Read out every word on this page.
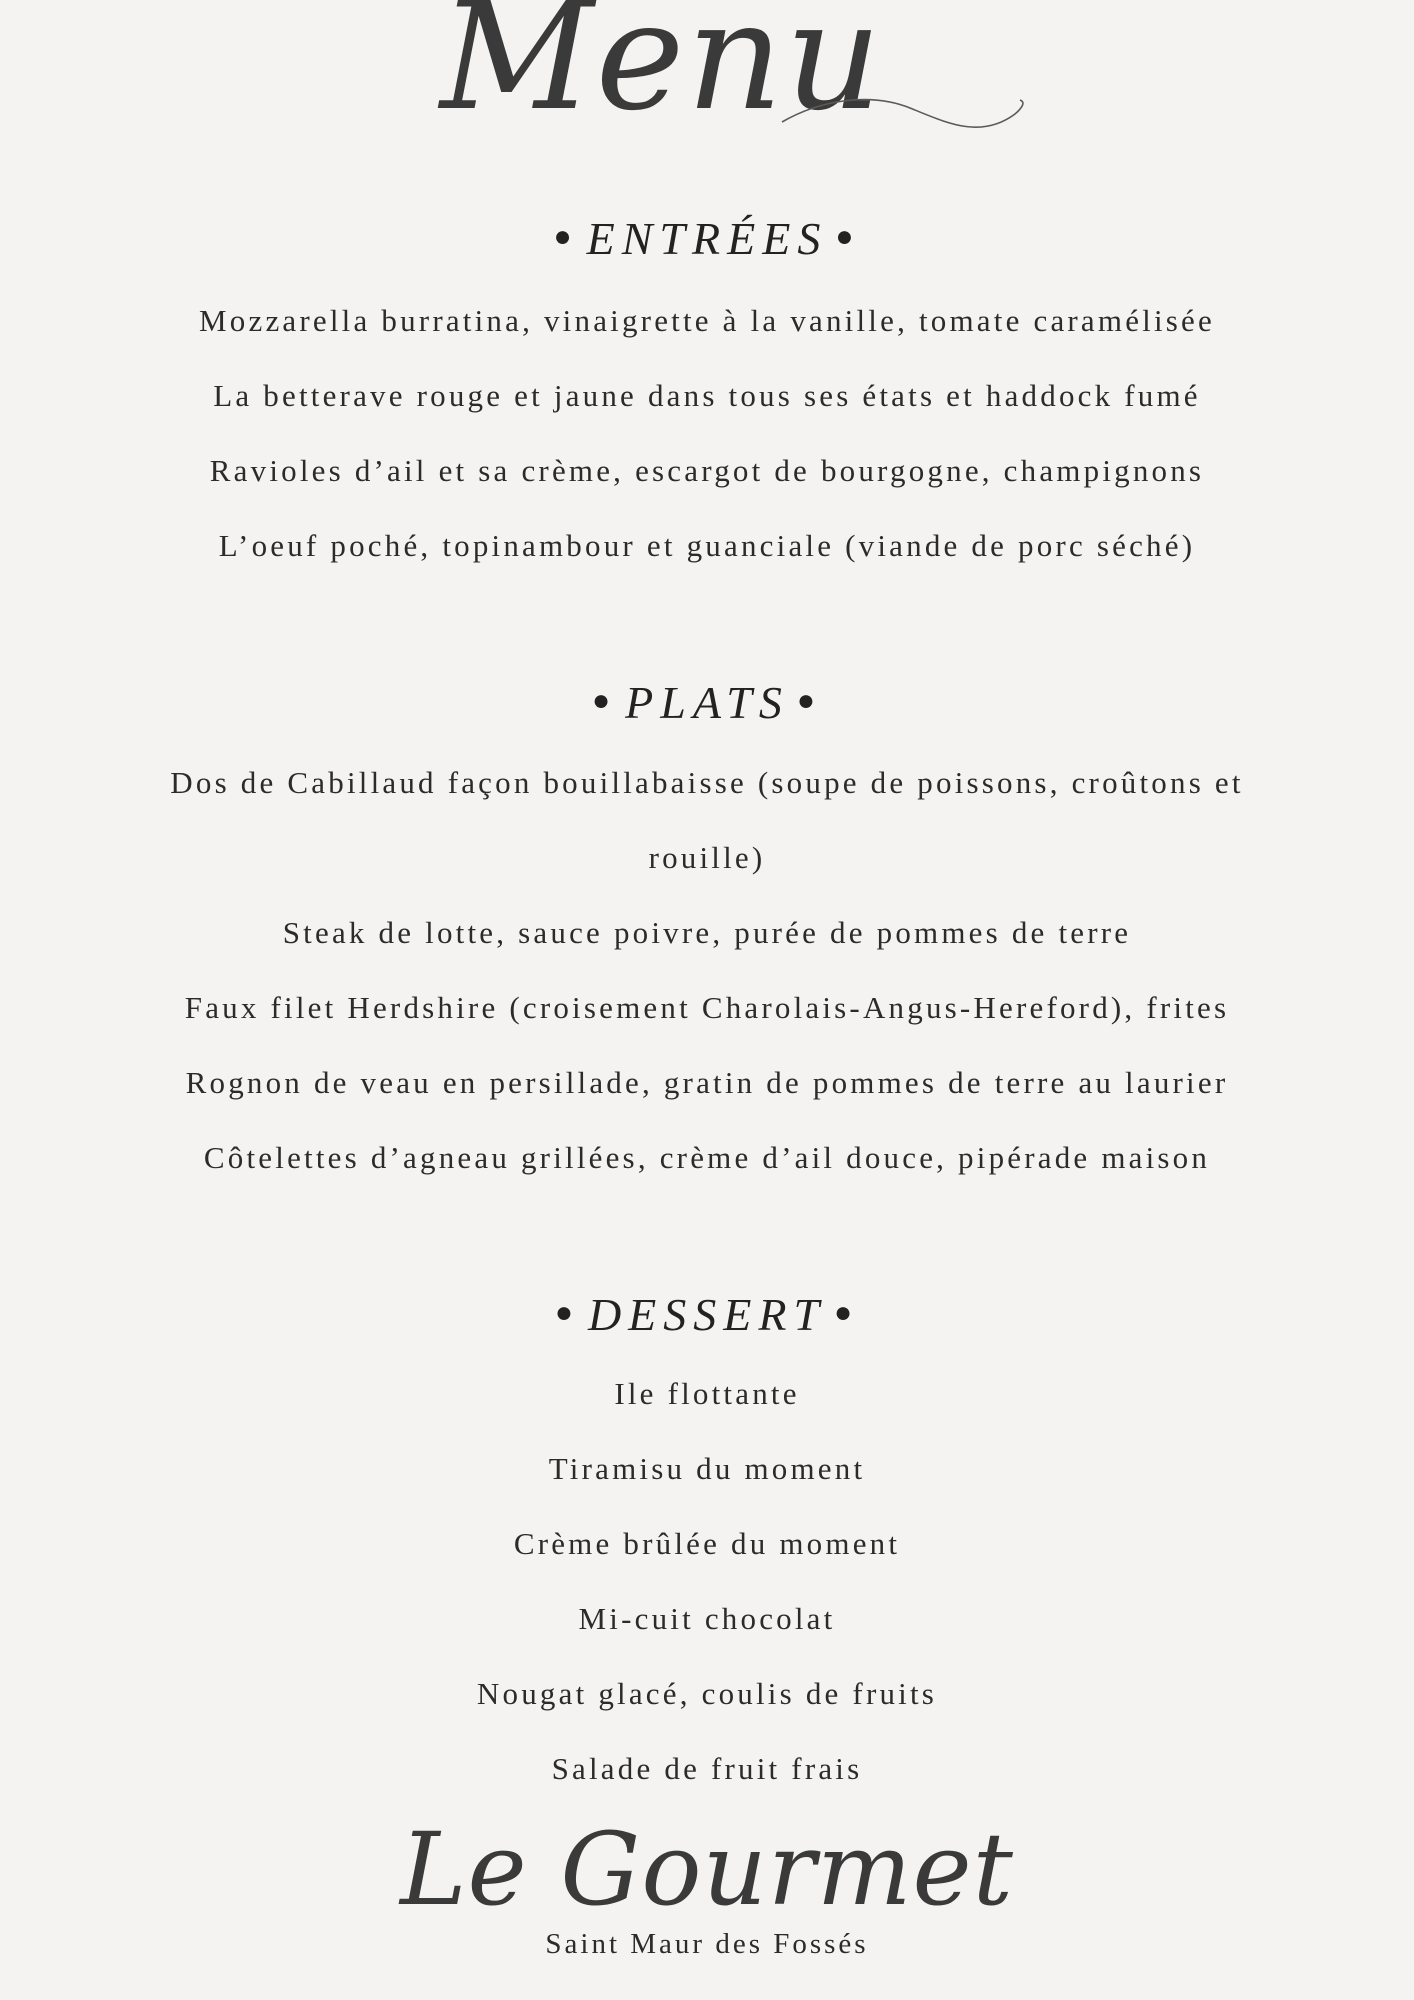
Menu
● ENTRÉES ●
Mozzarella burratina, vinaigrette à la vanille, tomate caramélisée
La betterave rouge et jaune dans tous ses états et haddock fumé
Ravioles d’ail et sa crème, escargot de bourgogne, champignons
L’oeuf poché, topinambour et guanciale (viande de porc séché)
● PLATS ●
Dos de Cabillaud façon bouillabaisse (soupe de poissons, croûtons et rouille)
Steak de lotte, sauce poivre, purée de pommes de terre
Faux filet Herdshire (croisement Charolais-Angus-Hereford), frites
Rognon de veau en persillade, gratin de pommes de terre au laurier
Côtelettes d’agneau grillées, crème d’ail douce, pipérade maison
● DESSERT ●
Ile flottante
Tiramisu du moment
Crème brûlée du moment
Mi-cuit chocolat
Nougat glacé, coulis de fruits
Salade de fruit frais
Le Gourmet
Saint Maur des Fossés
